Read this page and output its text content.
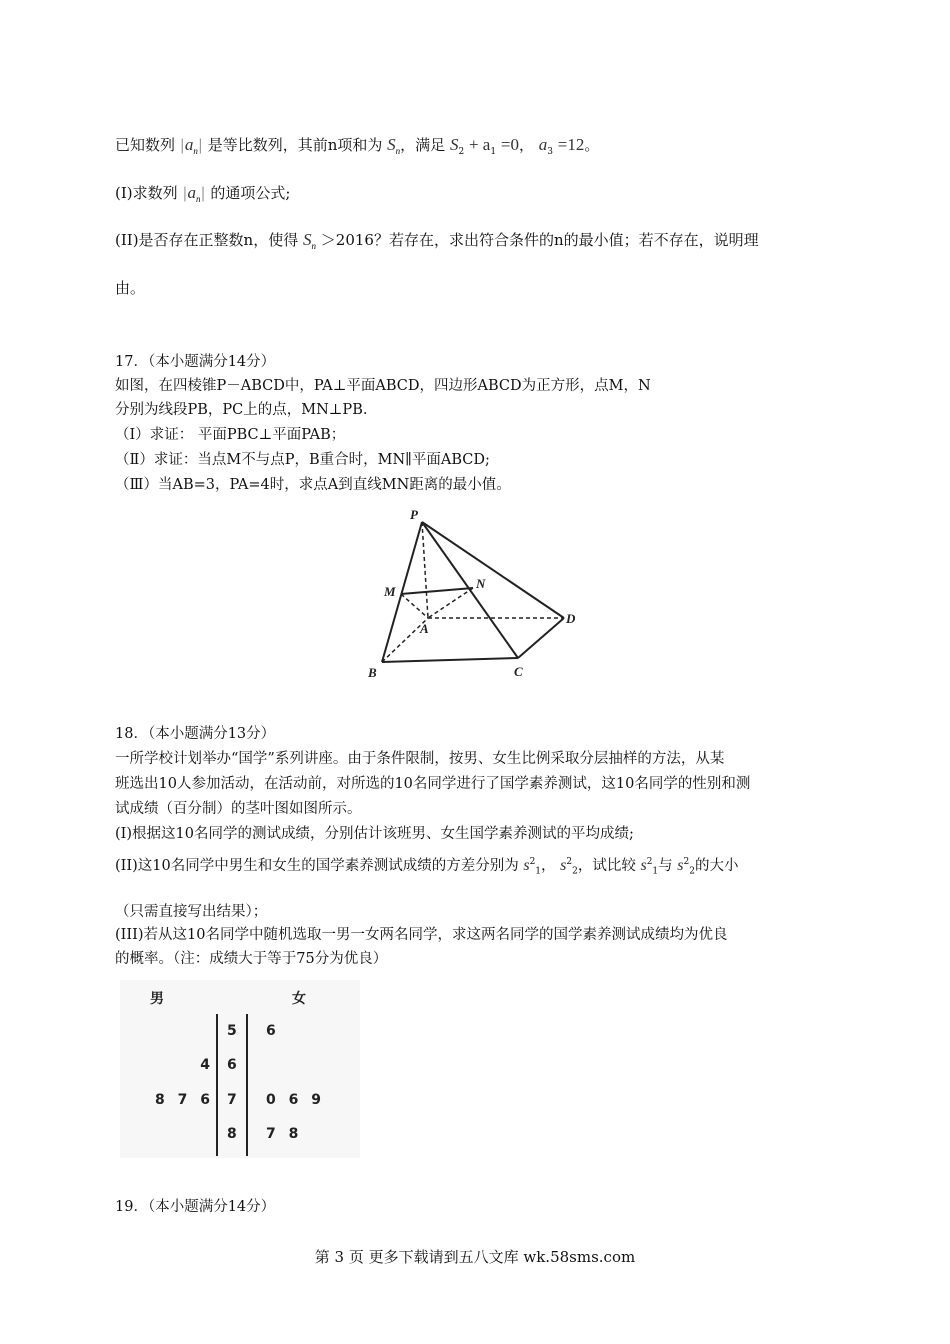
已知数列 $|a_n|$ 是等比数列，其前n项和为 $S_n$，满足 $S_2 + a_1 =0$， $a_3 =12$。
(I)求数列 $|a_n|$ 的通项公式;
(II)是否存在正整数n，使得 $S_n >2016$？若存在，求出符合条件的n的最小值；若不存在，说明理
由。
17．（本小题满分14分）
如图，在四棱锥P－ABCD中，PA⊥平面ABCD，四边形ABCD为正方形，点M，N
分别为线段PB，PC上的点，MN⊥PB.
（Ⅰ）求证： 平面PBC⊥平面PAB；
（Ⅱ）求证：当点M不与点P，B重合时，MN∥平面ABCD;
（Ⅲ）当AB=3，PA=4时，求点A到直线MN距离的最小值。
P
M
N
A
B	C
D
18．（本小题满分13分）
一所学校计划举办“国学”系列讲座。由于条件限制，按男、女生比例采取分层抽样的方法，从某
班选出10人参加活动，在活动前，对所选的10名同学进行了国学素养测试，这10名同学的性别和测
试成绩（百分制）的茎叶图如图所示。
(I)根据这10名同学的测试成绩，分别估计该班男、女生国学素养测试的平均成绩;
(II)这10名同学中男生和女生的国学素养测试成绩的方差分别为 $s^2_1$， $s^2_2$，试比较 $s^2_1$与 $s^2_2$的大小
（只需直接写出结果）；
(III)若从这10名同学中随机选取一男一女两名同学，求这两名同学的国学素养测试成绩均为优良
的概率。（注：成绩大于等于75分为优良）
男	女
5 6
4 6
8 7 6 7 0 6 9
8 7 8
19．（本小题满分14分）
第 3 页 更多下载请到五八文库 wk.58sms.com
